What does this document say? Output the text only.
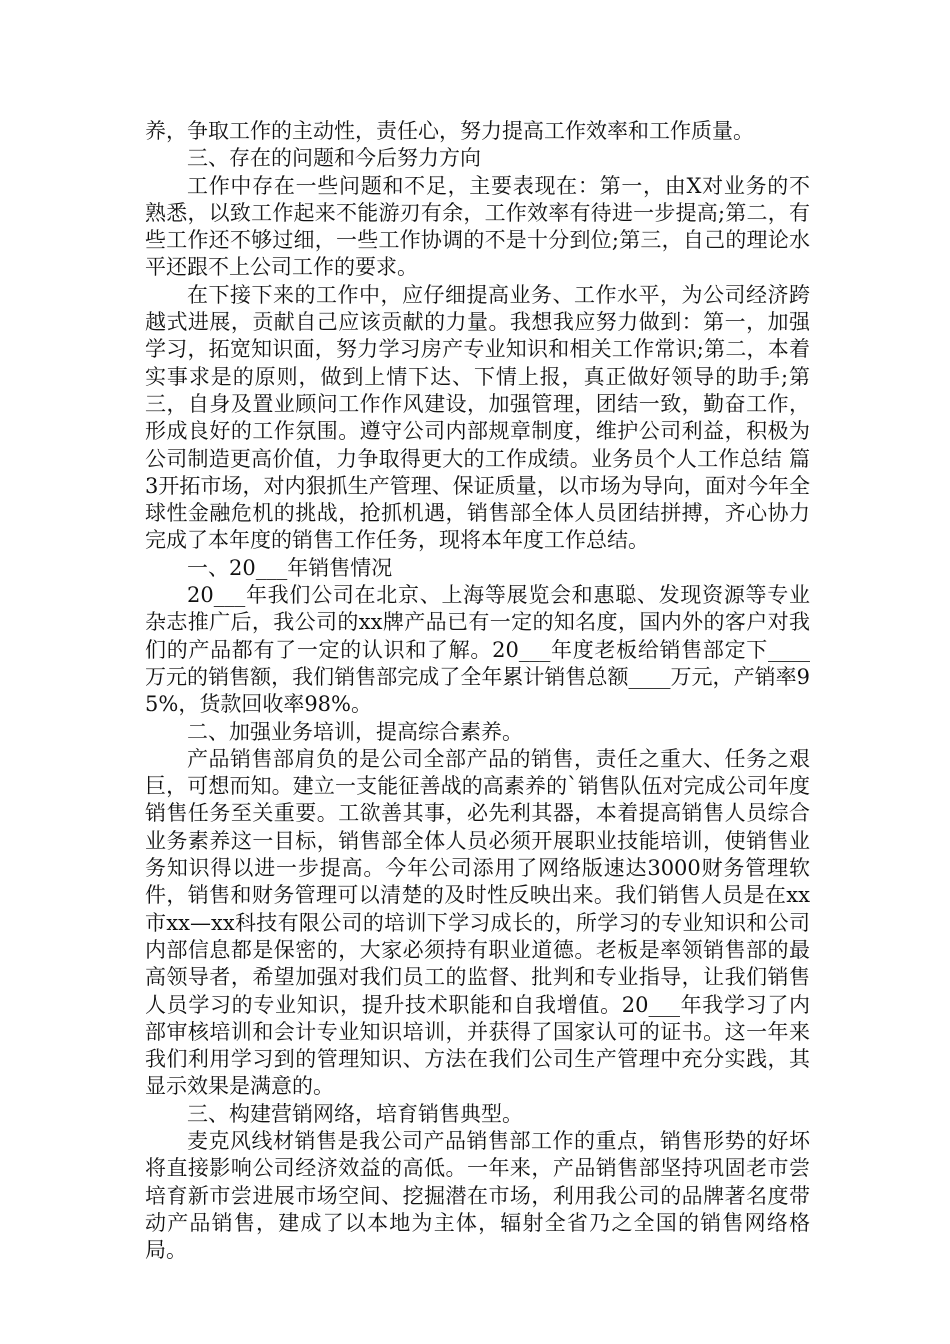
养，争取工作的主动性，责任心，努力提高工作效率和工作质量。

三、存在的问题和今后努力方向

工作中存在一些问题和不足，主要表现在：第一，由X对业务的不熟悉，以致工作起来不能游刃有余，工作效率有待进一步提高;第二，有些工作还不够过细，一些工作协调的不是十分到位;第三，自己的理论水平还跟不上公司工作的要求。

在下接下来的工作中，应仔细提高业务、工作水平，为公司经济跨越式进展，贡献自己应该贡献的力量。我想我应努力做到：第一，加强学习，拓宽知识面，努力学习房产专业知识和相关工作常识;第二，本着实事求是的原则，做到上情下达、下情上报，真正做好领导的助手;第三，自身及置业顾问工作作风建设，加强管理，团结一致，勤奋工作，形成良好的工作氛围。遵守公司内部规章制度，维护公司利益，积极为公司制造更高价值，力争取得更大的工作成绩。业务员个人工作总结 篇3开拓市场，对内狠抓生产管理、保证质量，以市场为导向，面对今年全球性金融危机的挑战，抢抓机遇，销售部全体人员团结拼搏，齐心协力完成了本年度的销售工作任务，现将本年度工作总结。

一、20___年销售情况

20___年我们公司在北京、上海等展览会和惠聪、发现资源等专业杂志推广后，我公司的xx牌产品已有一定的知名度，国内外的客户对我们的产品都有了一定的认识和了解。20___年度老板给销售部定下____万元的销售额，我们销售部完成了全年累计销售总额____万元，产销率95%，货款回收率98%。

二、加强业务培训，提高综合素养。

产品销售部肩负的是公司全部产品的销售，责任之重大、任务之艰巨，可想而知。建立一支能征善战的高素养的`销售队伍对完成公司年度销售任务至关重要。工欲善其事，必先利其器，本着提高销售人员综合业务素养这一目标，销售部全体人员必须开展职业技能培训，使销售业务知识得以进一步提高。今年公司添用了网络版速达3000财务管理软件，销售和财务管理可以清楚的及时性反映出来。我们销售人员是在xx市xx—xx科技有限公司的培训下学习成长的，所学习的专业知识和公司内部信息都是保密的，大家必须持有职业道德。老板是率领销售部的最高领导者，希望加强对我们员工的监督、批判和专业指导，让我们销售人员学习的专业知识，提升技术职能和自我增值。20___年我学习了内部审核培训和会计专业知识培训，并获得了国家认可的证书。这一年来我们利用学习到的管理知识、方法在我们公司生产管理中充分实践，其显示效果是满意的。

三、构建营销网络，培育销售典型。

麦克风线材销售是我公司产品销售部工作的重点，销售形势的好坏将直接影响公司经济效益的高低。一年来，产品销售部坚持巩固老市尝培育新市尝进展市场空间、挖掘潜在市场，利用我公司的品牌著名度带动产品销售，建成了以本地为主体，辐射全省乃之全国的销售网络格局。
